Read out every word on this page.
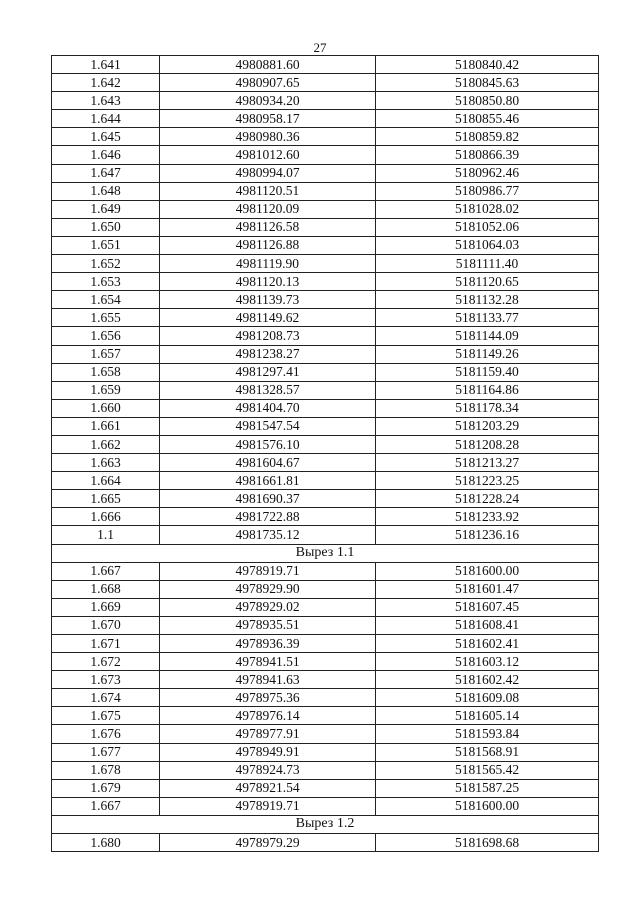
27
1.641	4980881.60	5180840.42
1.642	4980907.65	5180845.63
1.643	4980934.20	5180850.80
1.644	4980958.17	5180855.46
1.645	4980980.36	5180859.82
1.646	4981012.60	5180866.39
1.647	4980994.07	5180962.46
1.648	4981120.51	5180986.77
1.649	4981120.09	5181028.02
1.650	4981126.58	5181052.06
1.651	4981126.88	5181064.03
1.652	4981119.90	5181111.40
1.653	4981120.13	5181120.65
1.654	4981139.73	5181132.28
1.655	4981149.62	5181133.77
1.656	4981208.73	5181144.09
1.657	4981238.27	5181149.26
1.658	4981297.41	5181159.40
1.659	4981328.57	5181164.86
1.660	4981404.70	5181178.34
1.661	4981547.54	5181203.29
1.662	4981576.10	5181208.28
1.663	4981604.67	5181213.27
1.664	4981661.81	5181223.25
1.665	4981690.37	5181228.24
1.666	4981722.88	5181233.92
1.1	4981735.12	5181236.16
Вырез 1.1		
1.667	4978919.71	5181600.00
1.668	4978929.90	5181601.47
1.669	4978929.02	5181607.45
1.670	4978935.51	5181608.41
1.671	4978936.39	5181602.41
1.672	4978941.51	5181603.12
1.673	4978941.63	5181602.42
1.674	4978975.36	5181609.08
1.675	4978976.14	5181605.14
1.676	4978977.91	5181593.84
1.677	4978949.91	5181568.91
1.678	4978924.73	5181565.42
1.679	4978921.54	5181587.25
1.667	4978919.71	5181600.00
Вырез 1.2		
1.680	4978979.29	5181698.68
